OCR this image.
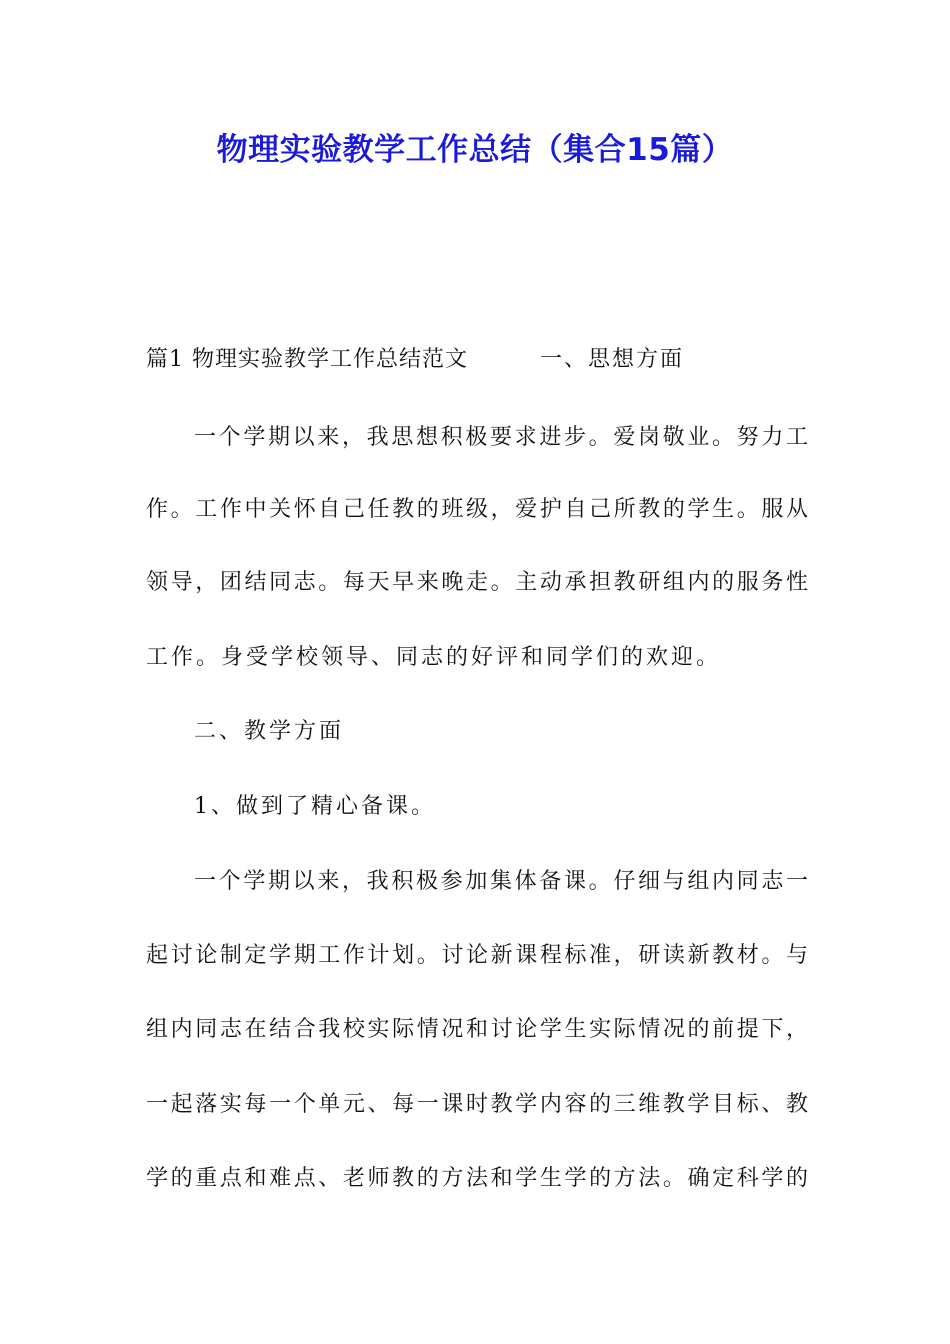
物理实验教学工作总结（集合15篇）
篇1 物理实验教学工作总结范文	一、思想方面
一个学期以来，我思想积极要求进步。爱岗敬业。努力工
作。工作中关怀自己任教的班级，爱护自己所教的学生。服从
领导，团结同志。每天早来晚走。主动承担教研组内的服务性
工作。身受学校领导、同志的好评和同学们的欢迎。
二、教学方面
1、做到了精心备课。
一个学期以来，我积极参加集体备课。仔细与组内同志一
起讨论制定学期工作计划。讨论新课程标准，研读新教材。与
组内同志在结合我校实际情况和讨论学生实际情况的前提下，
一起落实每一个单元、每一课时教学内容的三维教学目标、教
学的重点和难点、老师教的方法和学生学的方法。确定科学的
